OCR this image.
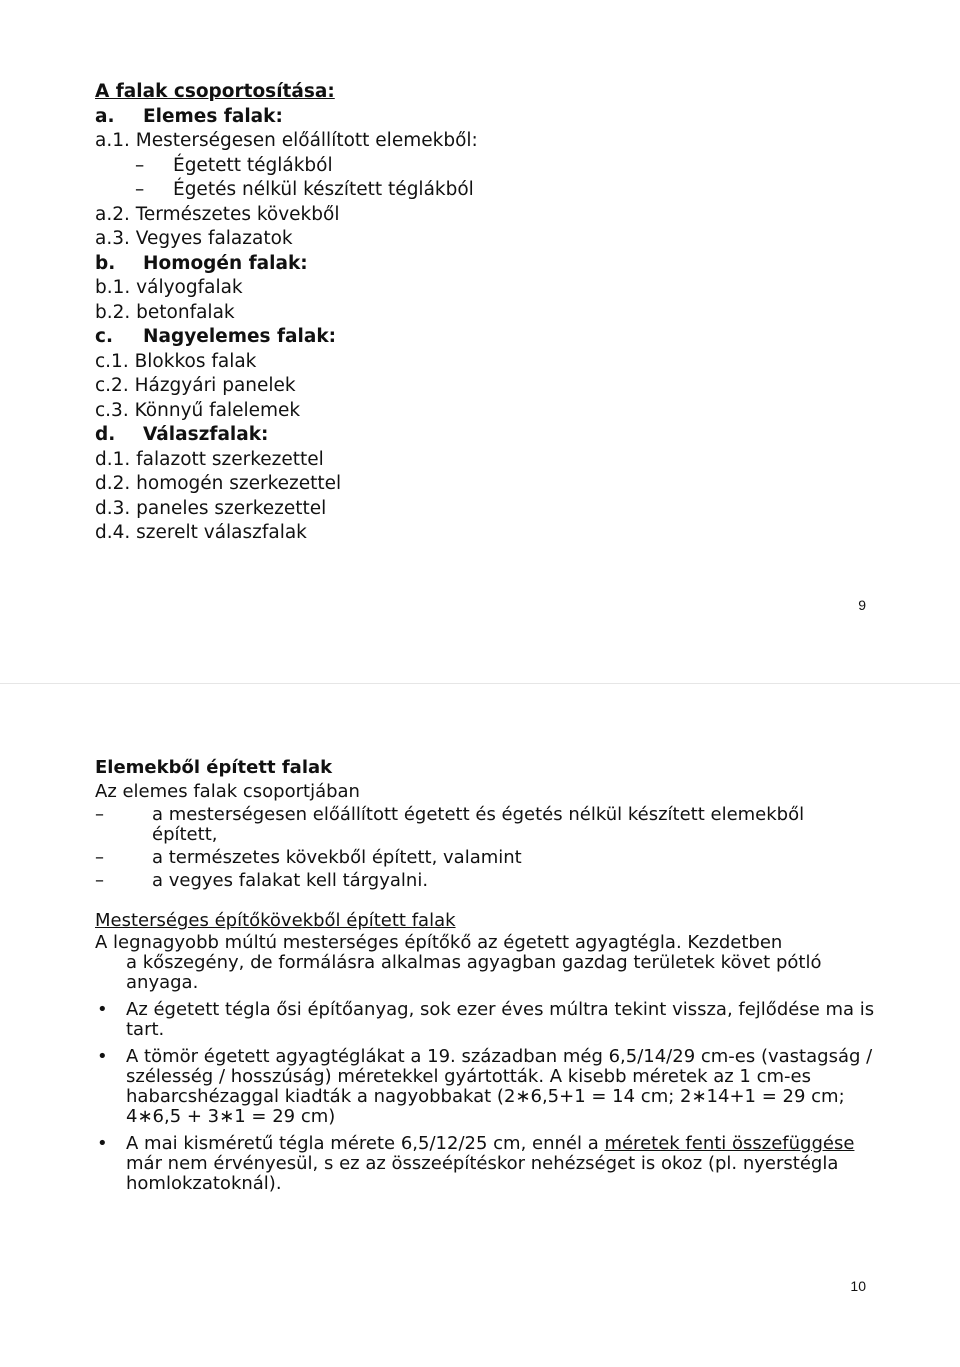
A falak csoportosítása:
a. Elemes falak:
a.1. Mesterségesen előállított elemekből:
– Égetett téglákból
– Égetés nélkül készített téglákból
a.2. Természetes kövekből
a.3. Vegyes falazatok
b. Homogén falak:
b.1. vályogfalak
b.2. betonfalak
c. Nagyelemes falak:
c.1. Blokkos falak
c.2. Házgyári panelek
c.3. Könnyű falelemek
d. Válaszfalak:
d.1. falazott szerkezettel
d.2. homogén szerkezettel
d.3. paneles szerkezettel
d.4. szerelt válaszfalak
9
Elemekből épített falak
Az elemes falak csoportjában
–	a mesterségesen előállított égetett és égetés nélkül készített elemekből épített,
–	a természetes kövekből épített, valamint
–	a vegyes falakat kell tárgyalni.
Mesterséges építőkövekből épített falak
A legnagyobb múltú mesterséges építőkő az égetett agyagtégla. Kezdetben
a kőszegény, de formálásra alkalmas agyagban gazdag területek követ pótló anyaga.
• Az égetett tégla ősi építőanyag, sok ezer éves múltra tekint vissza, fejlődése ma is tart.
• A tömör égetett agyagtéglákat a 19. században még 6,5/14/29 cm-es (vastagság / szélesség / hosszúság) méretekkel gyártották. A kisebb méretek az 1 cm-es habarcshézaggal kiadták a nagyobbakat (2∗6,5+1 = 14 cm; 2∗14+1 = 29 cm; 4∗6,5 + 3∗1 = 29 cm)
• A mai kisméretű tégla mérete 6,5/12/25 cm, ennél a méretek fenti összefüggése már nem érvényesül, s ez az összeépítéskor nehézséget is okoz (pl. nyerstégla homlokzatoknál).
10
